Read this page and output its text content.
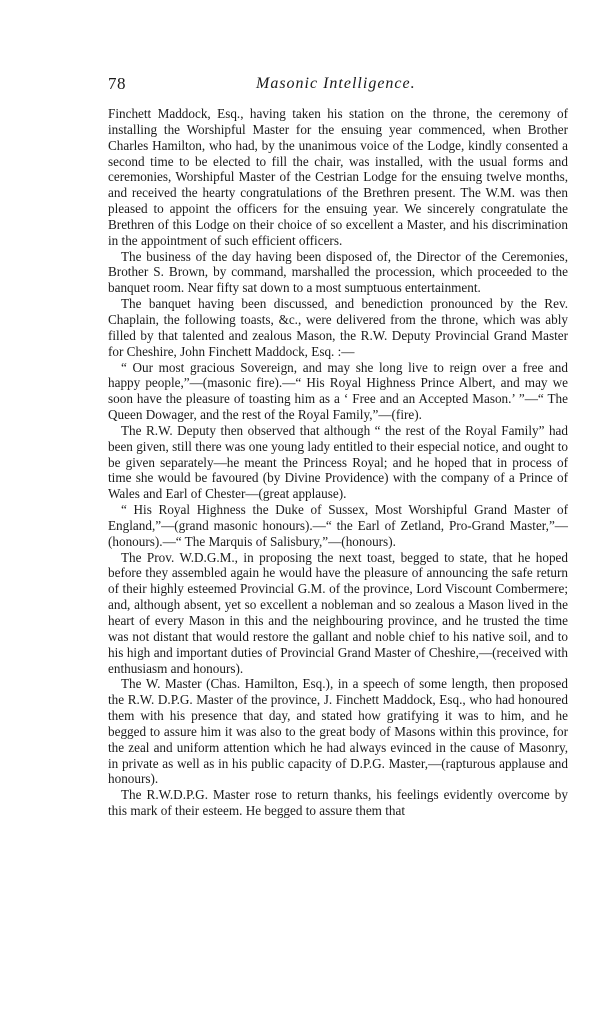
78	Masonic Intelligence.

Finchett Maddock, Esq., having taken his station on the throne, the ceremony of installing the Worshipful Master for the ensuing year commenced, when Brother Charles Hamilton, who had, by the unanimous voice of the Lodge, kindly consented a second time to be elected to fill the chair, was installed, with the usual forms and ceremonies, Worshipful Master of the Cestrian Lodge for the ensuing twelve months, and received the hearty congratulations of the Brethren present. The W.M. was then pleased to appoint the officers for the ensuing year. We sincerely congratulate the Brethren of this Lodge on their choice of so excellent a Master, and his discrimination in the appointment of such efficient officers.

The business of the day having been disposed of, the Director of the Ceremonies, Brother S. Brown, by command, marshalled the procession, which proceeded to the banquet room. Near fifty sat down to a most sumptuous entertainment.

The banquet having been discussed, and benediction pronounced by the Rev. Chaplain, the following toasts, &c., were delivered from the throne, which was ably filled by that talented and zealous Mason, the R.W. Deputy Provincial Grand Master for Cheshire, John Finchett Maddock, Esq. :—

“ Our most gracious Sovereign, and may she long live to reign over a free and happy people,”—(masonic fire).—“ His Royal Highness Prince Albert, and may we soon have the pleasure of toasting him as a ‘ Free and an Accepted Mason.’ ”—“ The Queen Dowager, and the rest of the Royal Family,”—(fire).

The R.W. Deputy then observed that although “ the rest of the Royal Family” had been given, still there was one young lady entitled to their especial notice, and ought to be given separately—he meant the Princess Royal; and he hoped that in process of time she would be favoured (by Divine Providence) with the company of a Prince of Wales and Earl of Chester—(great applause).

“ His Royal Highness the Duke of Sussex, Most Worshipful Grand Master of England,”—(grand masonic honours).—“ the Earl of Zetland, Pro-Grand Master,”—(honours).—“ The Marquis of Salisbury,”—(honours).

The Prov. W.D.G.M., in proposing the next toast, begged to state, that he hoped before they assembled again he would have the pleasure of announcing the safe return of their highly esteemed Provincial G.M. of the province, Lord Viscount Combermere; and, although absent, yet so excellent a nobleman and so zealous a Mason lived in the heart of every Mason in this and the neighbouring province, and he trusted the time was not distant that would restore the gallant and noble chief to his native soil, and to his high and important duties of Provincial Grand Master of Cheshire,—(received with enthusiasm and honours).

The W. Master (Chas. Hamilton, Esq.), in a speech of some length, then proposed the R.W. D.P.G. Master of the province, J. Finchett Maddock, Esq., who had honoured them with his presence that day, and stated how gratifying it was to him, and he begged to assure him it was also to the great body of Masons within this province, for the zeal and uniform attention which he had always evinced in the cause of Masonry, in private as well as in his public capacity of D.P.G. Master,—(rapturous applause and honours).

The R.W.D.P.G. Master rose to return thanks, his feelings evidently overcome by this mark of their esteem. He begged to assure them that
